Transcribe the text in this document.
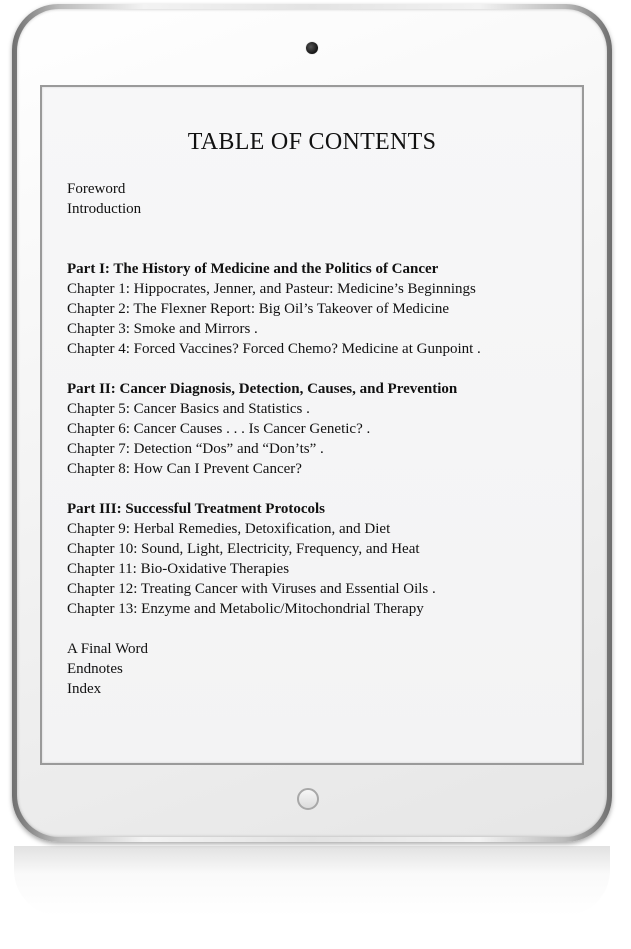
TABLE OF CONTENTS
Foreword
Introduction
Part I: The History of Medicine and the Politics of Cancer
Chapter 1: Hippocrates, Jenner, and Pasteur: Medicine’s Beginnings
Chapter 2: The Flexner Report: Big Oil’s Takeover of Medicine
Chapter 3: Smoke and Mirrors .
Chapter 4: Forced Vaccines? Forced Chemo? Medicine at Gunpoint .
Part II: Cancer Diagnosis, Detection, Causes, and Prevention
Chapter 5: Cancer Basics and Statistics .
Chapter 6: Cancer Causes . . . Is Cancer Genetic? .
Chapter 7: Detection “Dos” and “Don’ts” .
Chapter 8: How Can I Prevent Cancer?
Part III: Successful Treatment Protocols
Chapter 9: Herbal Remedies, Detoxification, and Diet
Chapter 10: Sound, Light, Electricity, Frequency, and Heat
Chapter 11: Bio-Oxidative Therapies
Chapter 12: Treating Cancer with Viruses and Essential Oils .
Chapter 13: Enzyme and Metabolic/Mitochondrial Therapy
A Final Word
Endnotes
Index
